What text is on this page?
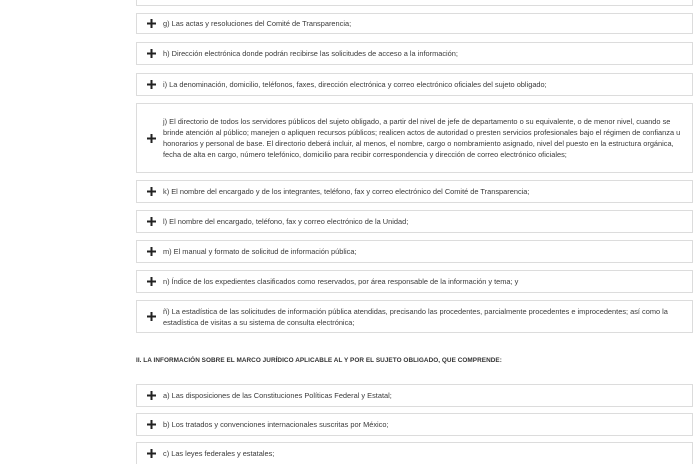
g) Las actas y resoluciones del Comité de Transparencia;
h) Dirección electrónica donde podrán recibirse las solicitudes de acceso a la información;
i) La denominación, domicilio, teléfonos, faxes, dirección electrónica y correo electrónico oficiales del sujeto obligado;
j) El directorio de todos los servidores públicos del sujeto obligado, a partir del nivel de jefe de departamento o su equivalente, o de menor nivel, cuando se brinde atención al público; manejen o apliquen recursos públicos; realicen actos de autoridad o presten servicios profesionales bajo el régimen de confianza u honorarios y personal de base. El directorio deberá incluir, al menos, el nombre, cargo o nombramiento asignado, nivel del puesto en la estructura orgánica, fecha de alta en cargo, número telefónico, domicilio para recibir correspondencia y dirección de correo electrónico oficiales;
k) El nombre del encargado y de los integrantes, teléfono, fax y correo electrónico del Comité de Transparencia;
l) El nombre del encargado, teléfono, fax y correo electrónico de la Unidad;
m) El manual y formato de solicitud de información pública;
n) Índice de los expedientes clasificados como reservados, por área responsable de la información y tema; y
ñ) La estadística de las solicitudes de información pública atendidas, precisando las procedentes, parcialmente procedentes e improcedentes; así como la estadística de visitas a su sistema de consulta electrónica;
II. LA INFORMACIÓN SOBRE EL MARCO JURÍDICO APLICABLE AL Y POR EL SUJETO OBLIGADO, QUE COMPRENDE:
a) Las disposiciones de las Constituciones Políticas Federal y Estatal;
b) Los tratados y convenciones internacionales suscritas por México;
c) Las leyes federales y estatales;
